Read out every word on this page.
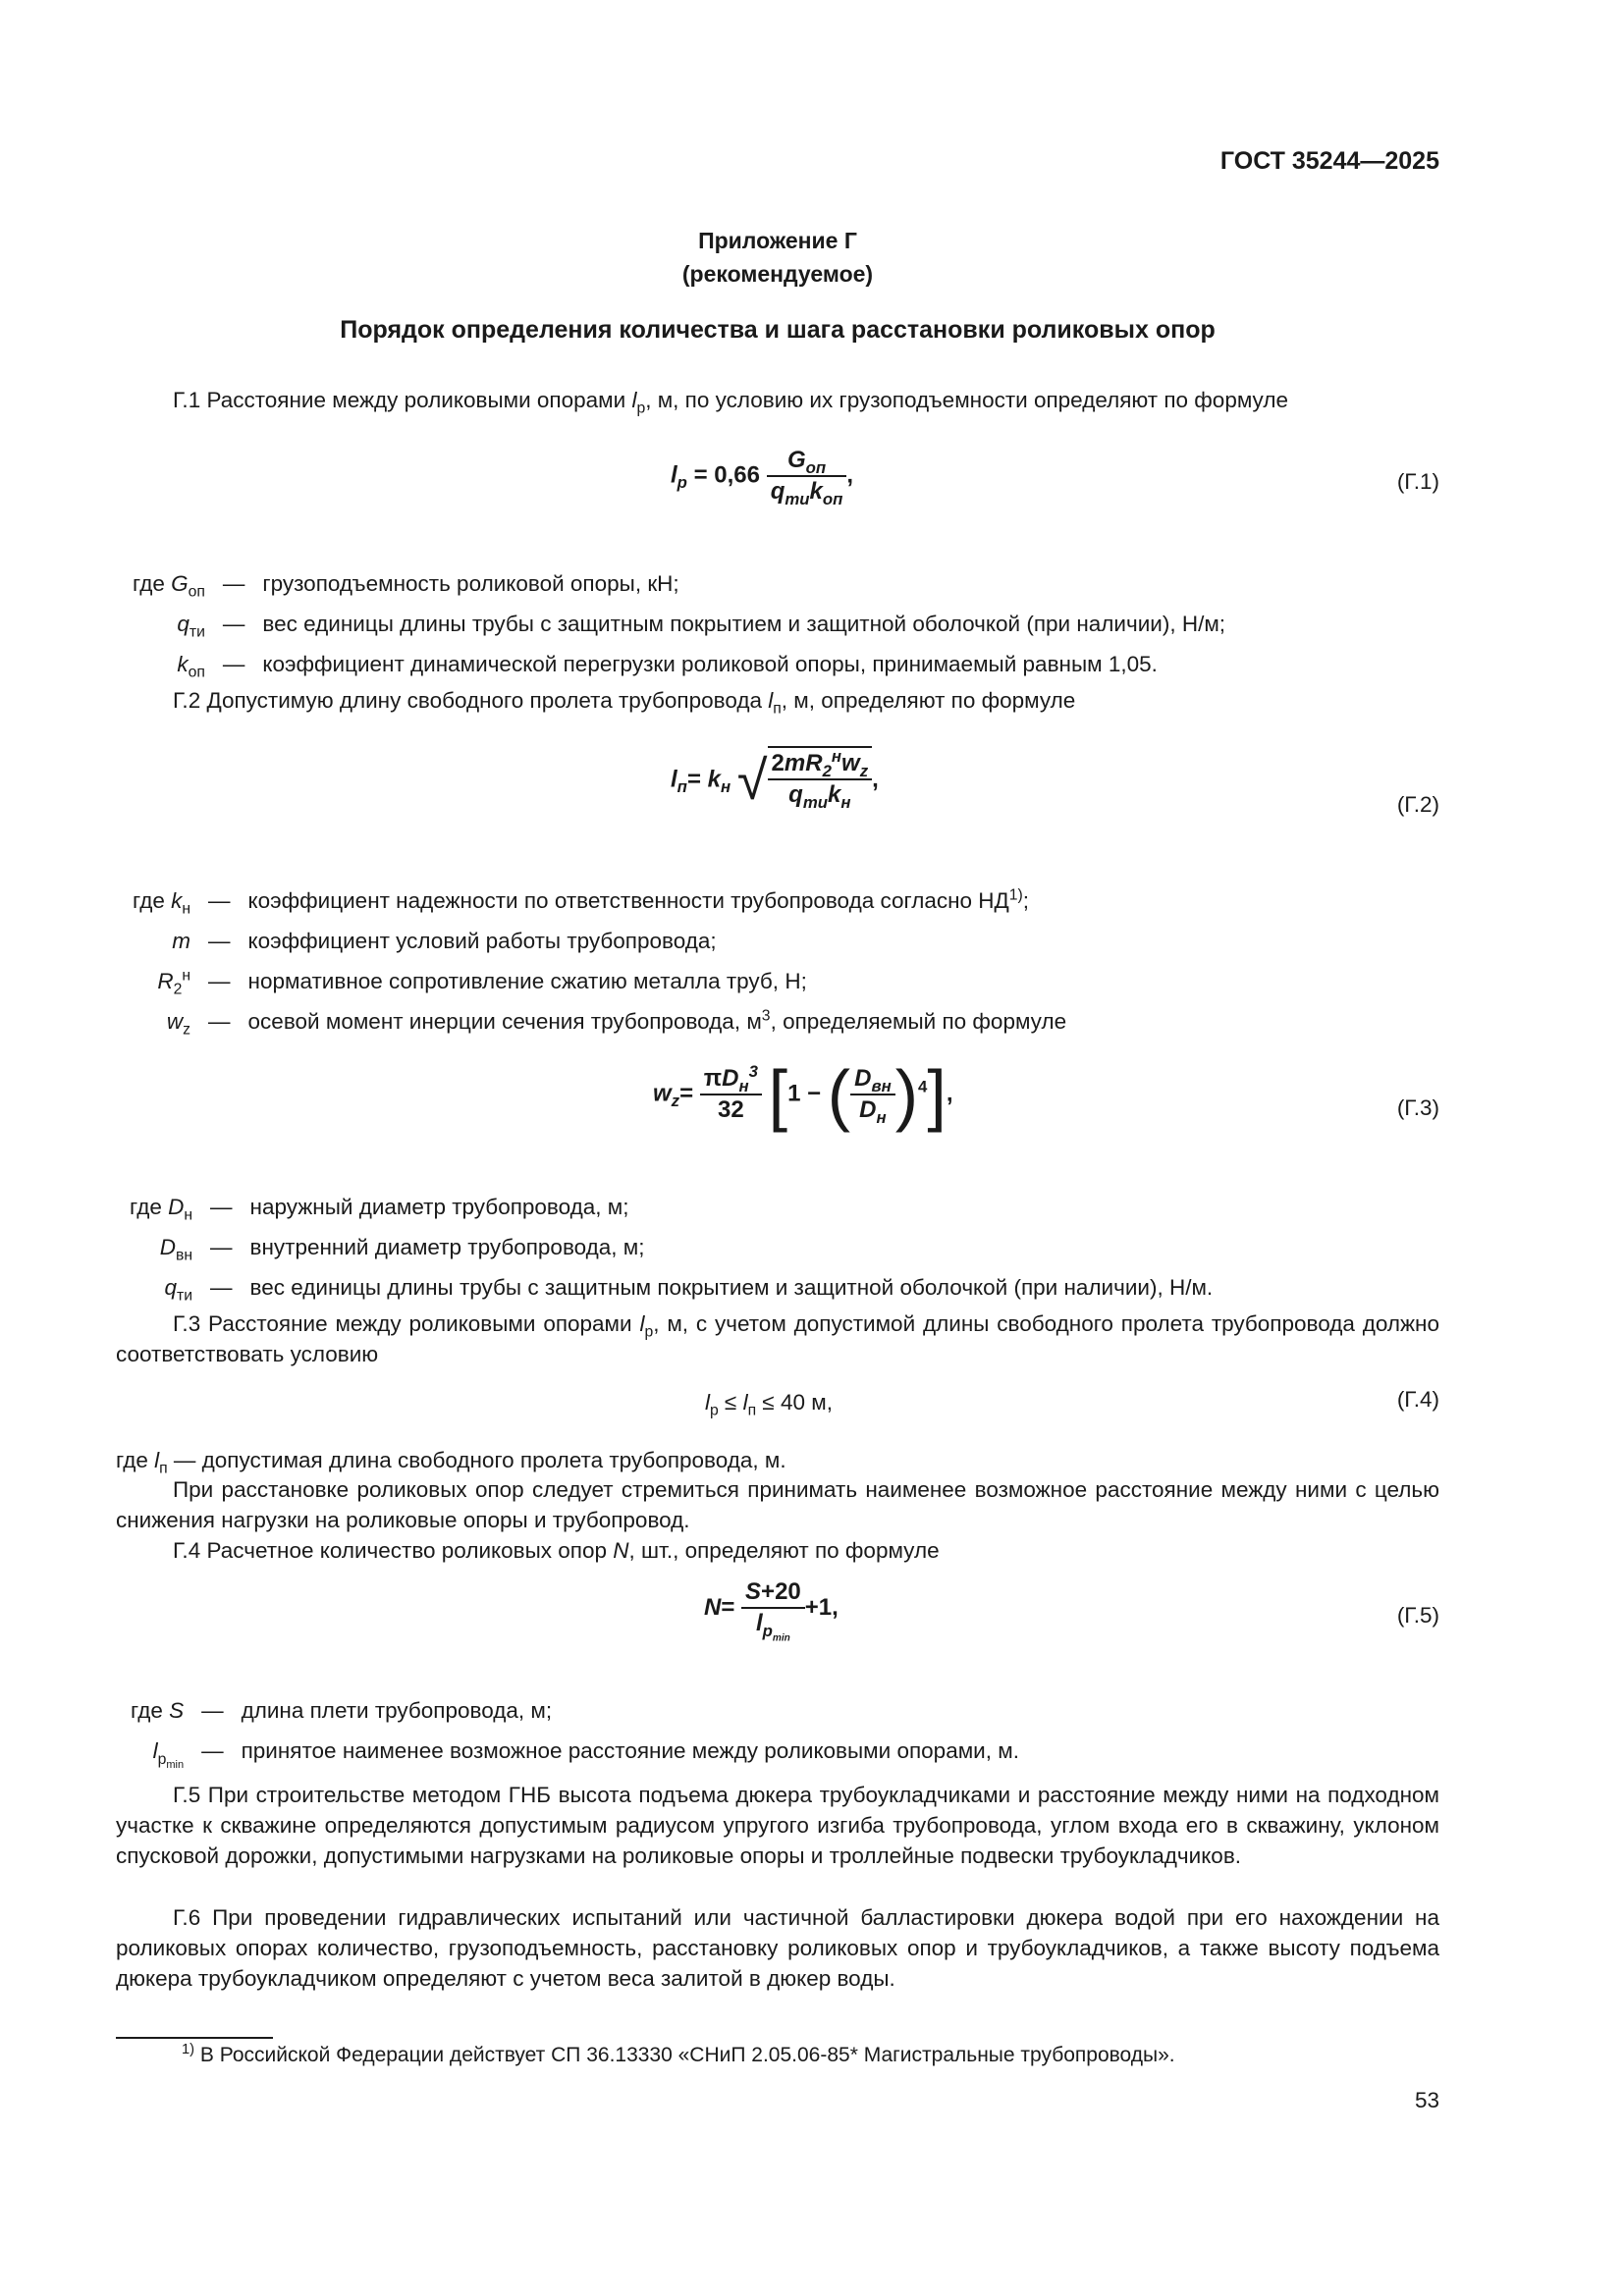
ГОСТ 35244—2025
Приложение Г
(рекомендуемое)
Порядок определения количества и шага расстановки роликовых опор
Г.1 Расстояние между роликовыми опорами $l_р$, м, по условию их грузоподъемности определяют по формуле
$l_р = 0,66 \frac{G_{оп}}{q_{ти}k_{оп}}$ ,	(Г.1)
где $G_{оп}$	—	грузоподъемность роликовой опоры, кН;
$q_{ти}$	—	вес единицы длины трубы с защитным покрытием и защитной оболочкой (при наличии), Н/м;
$k_{оп}$	—	коэффициент динамической перегрузки роликовой опоры, принимаемый равным 1,05.
Г.2 Допустимую длину свободного пролета трубопровода $l_п$, м, определяют по формуле
$l_п= k_н$ √ $\frac{2mR_2^нw_z}{q_{ти}k_н}$ ,
(Г.2)
где $k_н$	—	коэффициент надежности по ответственности трубопровода согласно НД$^{1)}$;
m	—	коэффициент условий работы трубопровода;
$R_2^н$	—	нормативное сопротивление сжатию металла труб, Н;
$w_z$	—	осевой момент инерции сечения трубопровода, $м^3$, определяемый по формуле
$w_z= \frac{\pi D_н^3}{32} [1$ − ( $\frac{D_{вн}}{D_н} )^4$],
(Г.3)
где $D_н$	—	наружный диаметр трубопровода, м;
$D_{вн}$	—	внутренний диаметр трубопровода, м;
$q_{ти}$	—	вес единицы длины трубы с защитным покрытием и защитной оболочкой (при наличии), Н/м.
Г.3 Расстояние между роликовыми опорами $l_р$, м, с учетом допустимой длины свободного пролета трубопровода должно соответствовать условию
$l_р \le l_п \le 40$ м,	(Г.4)
где $l_п$ — допустимая длина свободного пролета трубопровода, м.
При расстановке роликовых опор следует стремиться принимать наименее возможное расстояние между ними с целью снижения нагрузки на роликовые опоры и трубопровод.
Г.4 Расчетное количество роликовых опор N, шт., определяют по формуле
$N= \frac{S+20}{l_{p_{min}}} +1$,	(Г.5)
где S	—	длина плети трубопровода, м;
$l_{p_{min}}$	—	принятое наименее возможное расстояние между роликовыми опорами, м.
Г.5 При строительстве методом ГНБ высота подъема дюкера трубоукладчиками и расстояние между ними на подходном участке к скважине определяются допустимым радиусом упругого изгиба трубопровода, углом входа его в скважину, уклоном спусковой дорожки, допустимыми нагрузками на роликовые опоры и троллейные подвески трубоукладчиков.
Г.6 При проведении гидравлических испытаний или частичной балластировки дюкера водой при его нахождении на роликовых опорах количество, грузоподъемность, расстановку роликовых опор и трубоукладчиков, а также высоту подъема дюкера трубоукладчиком определяют с учетом веса залитой в дюкер воды.
$^{1)}$ В Российской Федерации действует СП 36.13330 «СНиП 2.05.06-85* Магистральные трубопроводы».
53
